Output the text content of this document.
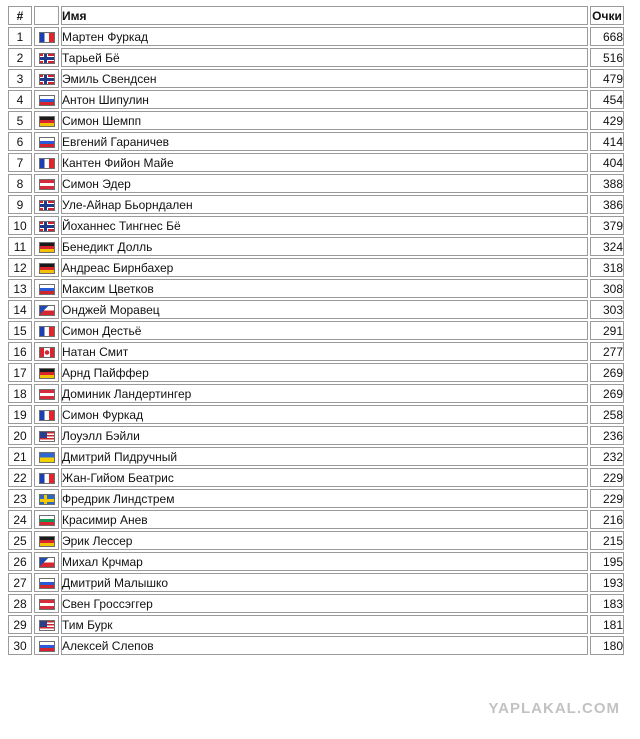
#		Имя	Очки
1		Мартен Фуркад	668
2		Тарьей Бё	516
3		Эмиль Свендсен	479
4		Антон Шипулин	454
5		Симон Шемпп	429
6		Евгений Гараничев	414
7		Кантен Фийон Майе	404
8		Симон Эдер	388
9		Уле-Айнар Бьорндален	386
10		Йоханнес Тингнес Бё	379
11		Бенедикт Долль	324
12		Андреас Бирнбахер	318
13		Максим Цветков	308
14		Онджей Моравец	303
15		Симон Дестьё	291
16		Натан Смит	277
17		Арнд Пайффер	269
18		Доминик Ландертингер	269
19		Симон Фуркад	258
20		Лоуэлл Бэйли	236
21		Дмитрий Пидручный	232
22		Жан-Гийом Беатрис	229
23		Фредрик Линдстрем	229
24		Красимир Анев	216
25		Эрик Лессер	215
26		Михал Крчмар	195
27		Дмитрий Малышко	193
28		Свен Гроссэггер	183
29		Тим Бурк	181
30		Алексей Слепов	180
YAPLAKAL.COM
